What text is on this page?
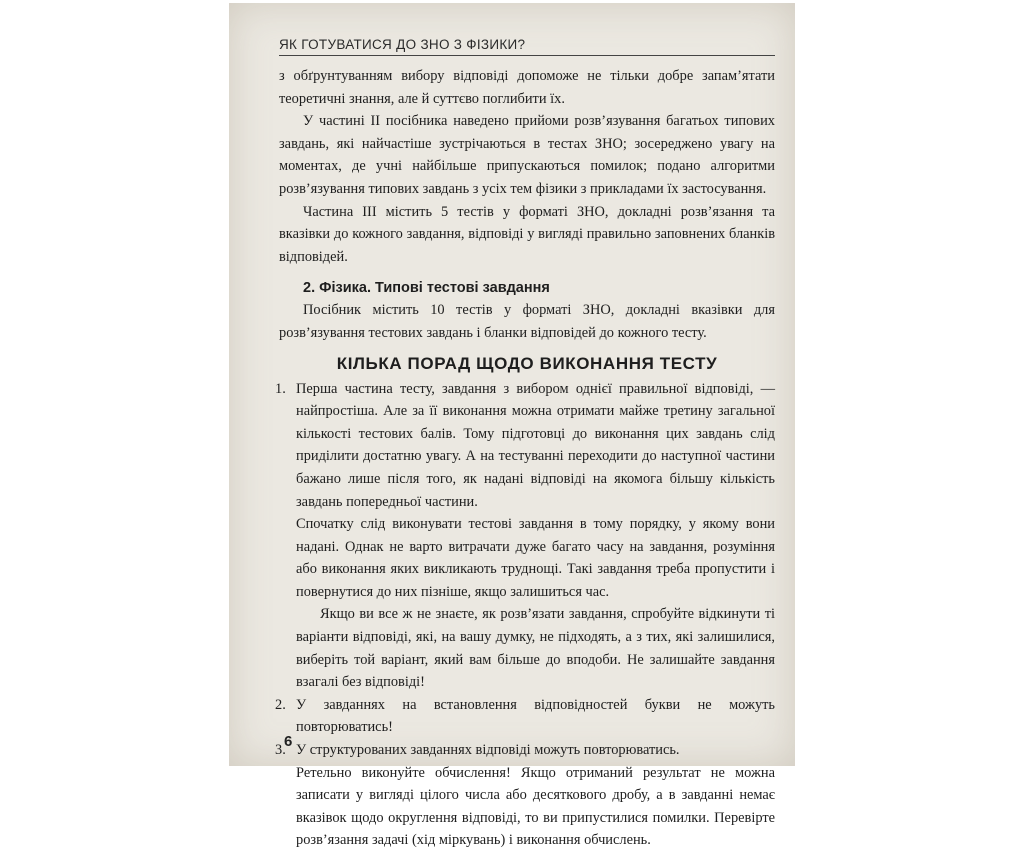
ЯК ГОТУВАТИСЯ ДО ЗНО З ФІЗИКИ?

з обґрунтуванням вибору відповіді допоможе не тільки добре запам’ятати теоретичні знання, але й суттєво поглибити їх.

У частині II посібника наведено прийоми розв’язування багатьох типових завдань, які найчастіше зустрічаються в тестах ЗНО; зосереджено увагу на моментах, де учні найбільше припускаються помилок; подано алгоритми розв’язування типових завдань з усіх тем фізики з прикладами їх застосування.

Частина III містить 5 тестів у форматі ЗНО, докладні розв’язання та вказівки до кожного завдання, відповіді у вигляді правильно заповнених бланків відповідей.

2. Фізика. Типові тестові завдання

Посібник містить 10 тестів у форматі ЗНО, докладні вказівки для розв’язування тестових завдань і бланки відповідей до кожного тесту.

КІЛЬКА ПОРАД ЩОДО ВИКОНАННЯ ТЕСТУ
1. Перша частина тесту, завдання з вибором однієї правильної відповіді, — найпростіша. Але за її виконання можна отримати майже третину загальної кількості тестових балів. Тому підготовці до виконання цих завдань слід приділити достатню увагу. А на тестуванні переходити до наступної частини бажано лише після того, як надані відповіді на якомога більшу кількість завдань попередньої частини.

Спочатку слід виконувати тестові завдання в тому порядку, у якому вони надані. Однак не варто витрачати дуже багато часу на завдання, розуміння або виконання яких викликають труднощі. Такі завдання треба пропустити і повернутися до них пізніше, якщо залишиться час.

Якщо ви все ж не знаєте, як розв’язати завдання, спробуйте відкинути ті варіанти відповіді, які, на вашу думку, не підходять, а з тих, які залишилися, виберіть той варіант, який вам більше до вподоби. Не залишайте завдання взагалі без відповіді!

2. У завданнях на встановлення відповідностей букви не можуть повторюватись!

3. У структурованих завданнях відповіді можуть повторюватись.

Ретельно виконуйте обчислення! Якщо отриманий результат не можна записати у вигляді цілого числа або десяткового дробу, а в завданні немає вказівок щодо округлення відповіді, то ви припустилися помилки. Перевірте розв’язання задачі (хід міркувань) і виконання обчислень.

6
